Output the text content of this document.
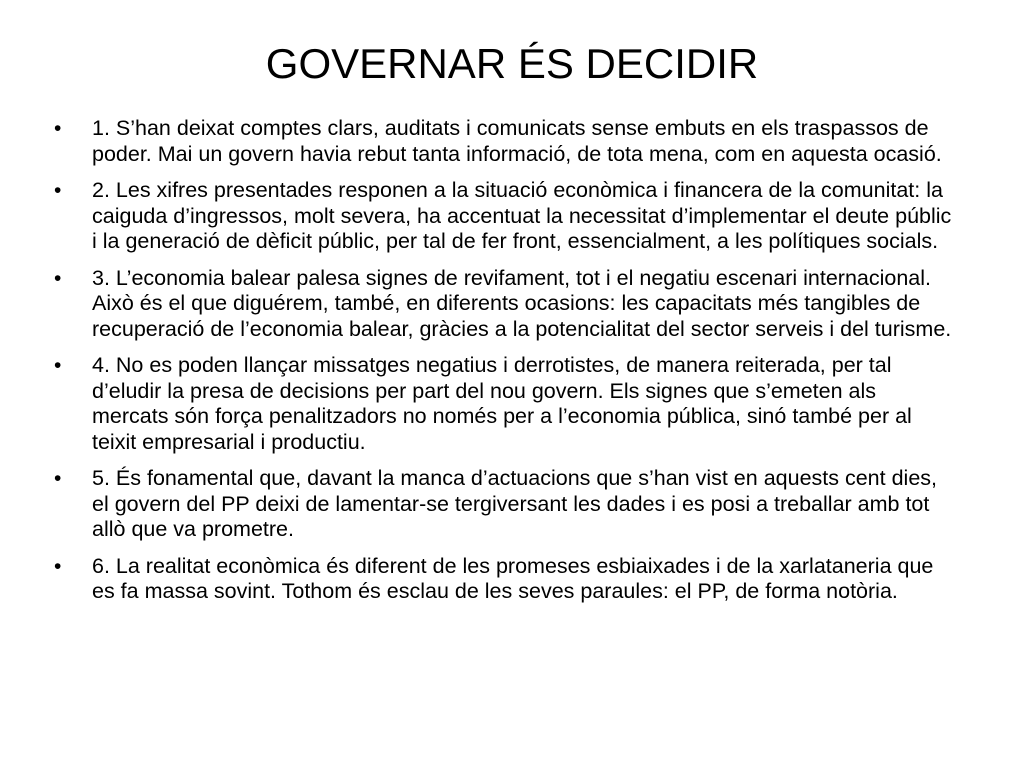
GOVERNAR ÉS DECIDIR
•	1. S’han deixat comptes clars, auditats i comunicats sense embuts en els traspassos de poder. Mai un govern havia rebut tanta informació, de tota mena, com en aquesta ocasió.
•	2. Les xifres presentades responen a la situació econòmica i financera de la comunitat: la caiguda d’ingressos, molt severa, ha accentuat la necessitat d’implementar el deute públic i la generació de dèficit públic, per tal de fer front, essencialment, a les polítiques socials.
•	3. L’economia balear palesa signes de revifament, tot i el negatiu escenari internacional. Això és el que diguérem, també, en diferents ocasions: les capacitats més tangibles de recuperació de l’economia balear, gràcies a la potencialitat del sector serveis i del turisme.
•	4. No es poden llançar missatges negatius i derrotistes, de manera reiterada, per tal d’eludir la presa de decisions per part del nou govern. Els signes que s’emeten als mercats són força penalitzadors no només per a l’economia pública, sinó també per al teixit empresarial i productiu.
•	5. És fonamental que, davant la manca d’actuacions que s’han vist en aquests cent dies, el govern del PP deixi de lamentar-se tergiversant les dades i es posi a treballar amb tot allò que va prometre.
•	6. La realitat econòmica és diferent de les promeses esbiaixades i de la xarlataneria que es fa massa sovint. Tothom és esclau de les seves paraules: el PP, de forma notòria.
